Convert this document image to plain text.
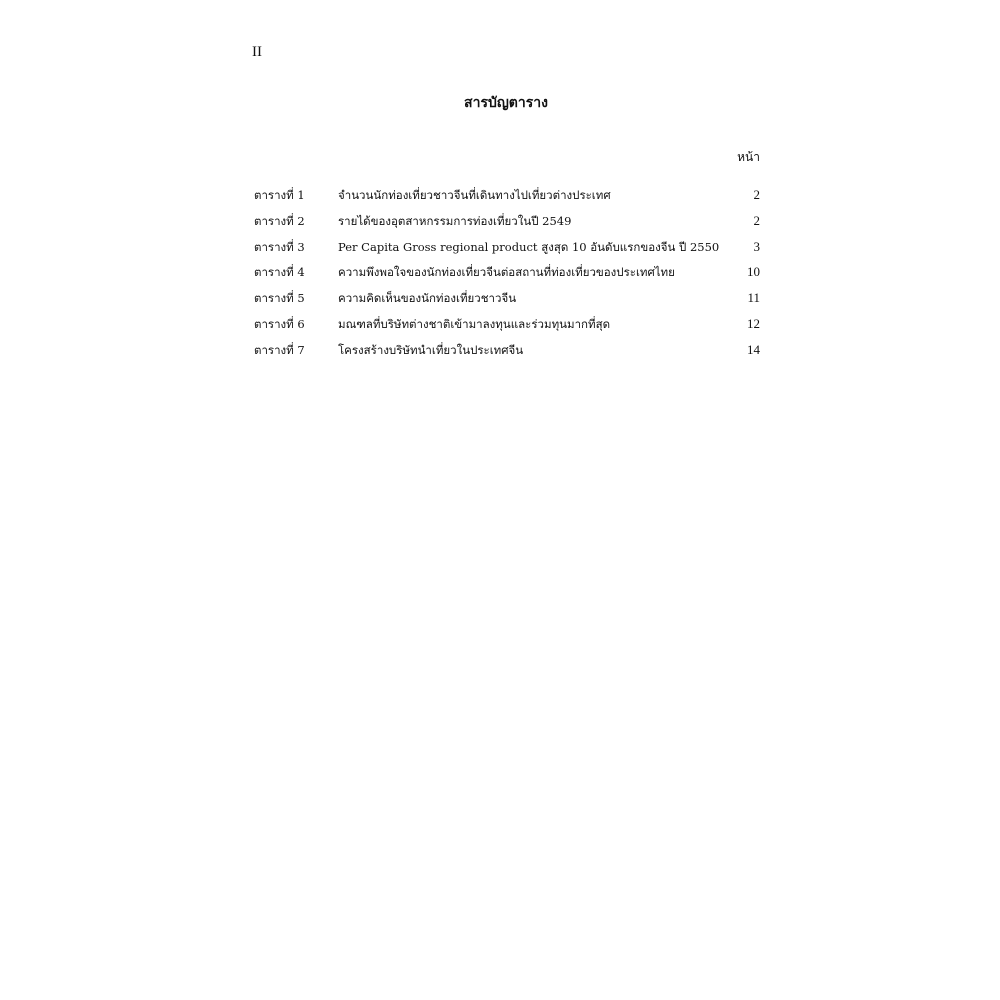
II
สารบัญตาราง
หน้า
ตารางที่ 1	จำนวนนักท่องเที่ยวชาวจีนที่เดินทางไปเที่ยวต่างประเทศ	2
ตารางที่ 2	รายได้ของอุตสาหกรรมการท่องเที่ยวในปี 2549	2
ตารางที่ 3	Per Capita Gross regional product สูงสุด 10 อันดับแรกของจีน ปี 2550	3
ตารางที่ 4	ความพึงพอใจของนักท่องเที่ยวจีนต่อสถานที่ท่องเที่ยวของประเทศไทย	10
ตารางที่ 5	ความคิดเห็นของนักท่องเที่ยวชาวจีน	11
ตารางที่ 6	มณฑลที่บริษัทต่างชาติเข้ามาลงทุนและร่วมทุนมากที่สุด	12
ตารางที่ 7	โครงสร้างบริษัทนำเที่ยวในประเทศจีน	14
